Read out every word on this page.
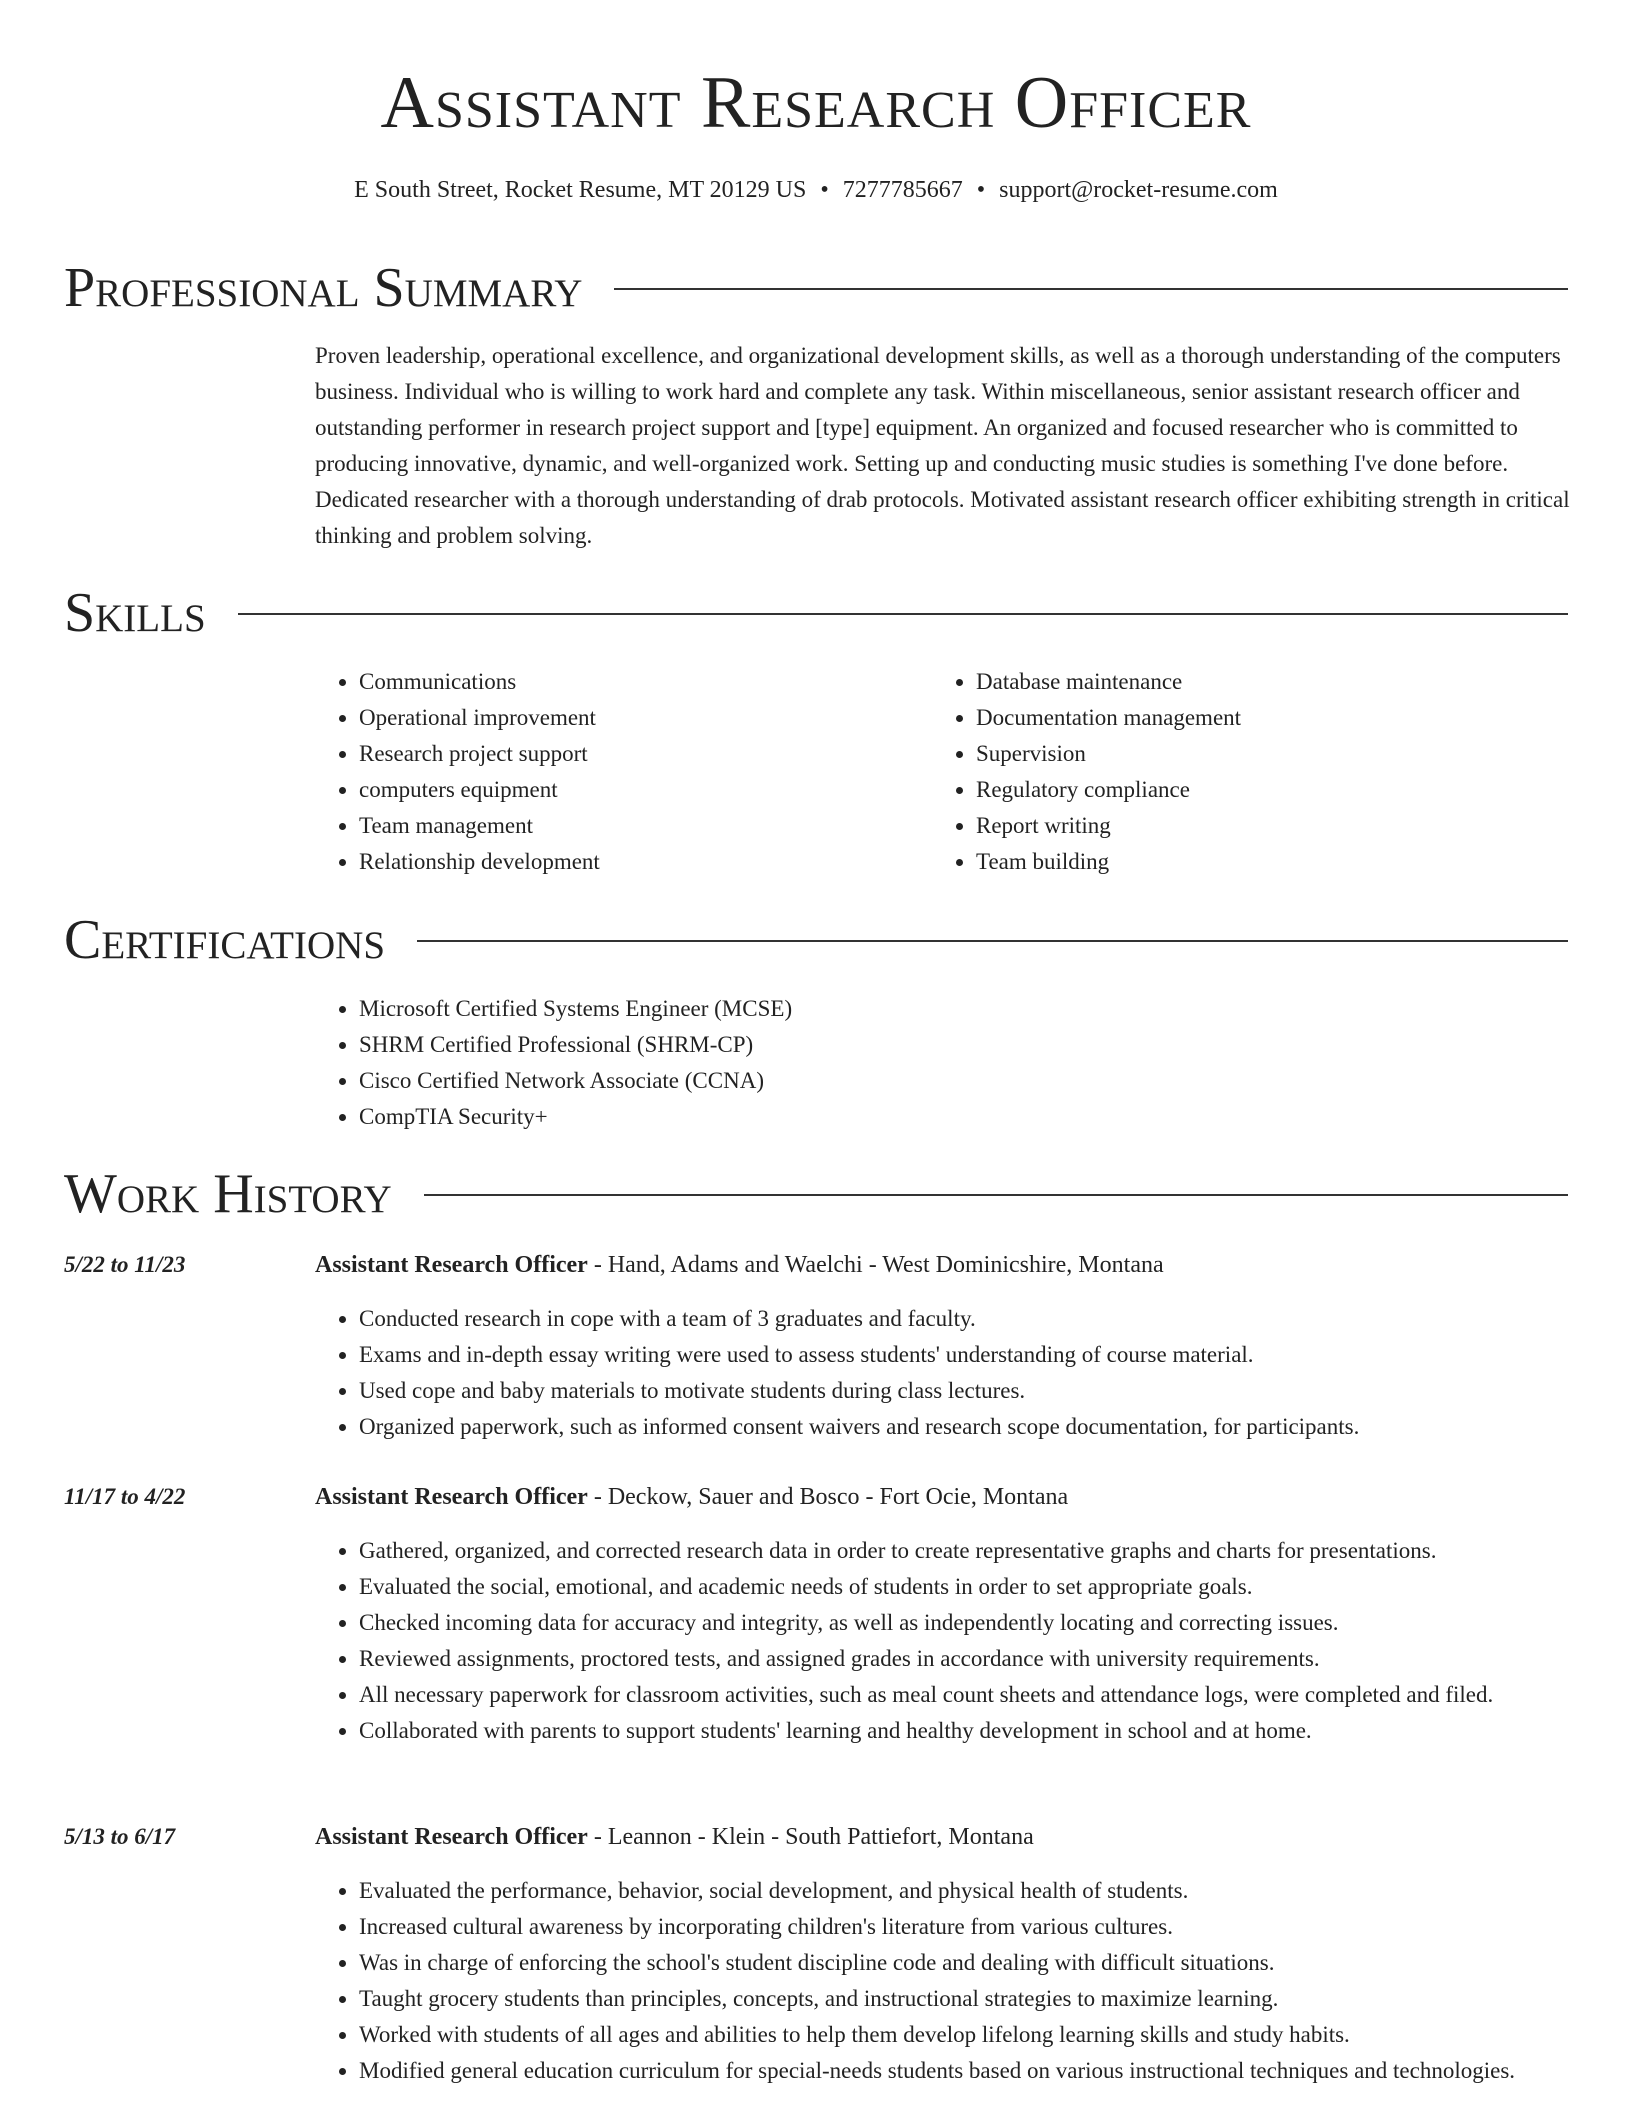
Assistant Research Officer
E South Street, Rocket Resume, MT 20129 US • 7277785667 • support@rocket-resume.com
Professional Summary
Proven leadership, operational excellence, and organizational development skills, as well as a thorough understanding of the computers business. Individual who is willing to work hard and complete any task. Within miscellaneous, senior assistant research officer and outstanding performer in research project support and [type] equipment. An organized and focused researcher who is committed to producing innovative, dynamic, and well-organized work. Setting up and conducting music studies is something I've done before. Dedicated researcher with a thorough understanding of drab protocols. Motivated assistant research officer exhibiting strength in critical thinking and problem solving.
Skills
• Communications
• Operational improvement
• Research project support
• computers equipment
• Team management
• Relationship development
• Database maintenance
• Documentation management
• Supervision
• Regulatory compliance
• Report writing
• Team building
Certifications
• Microsoft Certified Systems Engineer (MCSE)
• SHRM Certified Professional (SHRM-CP)
• Cisco Certified Network Associate (CCNA)
• CompTIA Security+
Work History
5/22 to 11/23	Assistant Research Officer - Hand, Adams and Waelchi - West Dominicshire, Montana
• Conducted research in cope with a team of 3 graduates and faculty.
• Exams and in-depth essay writing were used to assess students' understanding of course material.
• Used cope and baby materials to motivate students during class lectures.
• Organized paperwork, such as informed consent waivers and research scope documentation, for participants.
11/17 to 4/22	Assistant Research Officer - Deckow, Sauer and Bosco - Fort Ocie, Montana
• Gathered, organized, and corrected research data in order to create representative graphs and charts for presentations.
• Evaluated the social, emotional, and academic needs of students in order to set appropriate goals.
• Checked incoming data for accuracy and integrity, as well as independently locating and correcting issues.
• Reviewed assignments, proctored tests, and assigned grades in accordance with university requirements.
• All necessary paperwork for classroom activities, such as meal count sheets and attendance logs, were completed and filed.
• Collaborated with parents to support students' learning and healthy development in school and at home.
5/13 to 6/17	Assistant Research Officer - Leannon - Klein - South Pattiefort, Montana
• Evaluated the performance, behavior, social development, and physical health of students.
• Increased cultural awareness by incorporating children's literature from various cultures.
• Was in charge of enforcing the school's student discipline code and dealing with difficult situations.
• Taught grocery students than principles, concepts, and instructional strategies to maximize learning.
• Worked with students of all ages and abilities to help them develop lifelong learning skills and study habits.
• Modified general education curriculum for special-needs students based on various instructional techniques and technologies.
